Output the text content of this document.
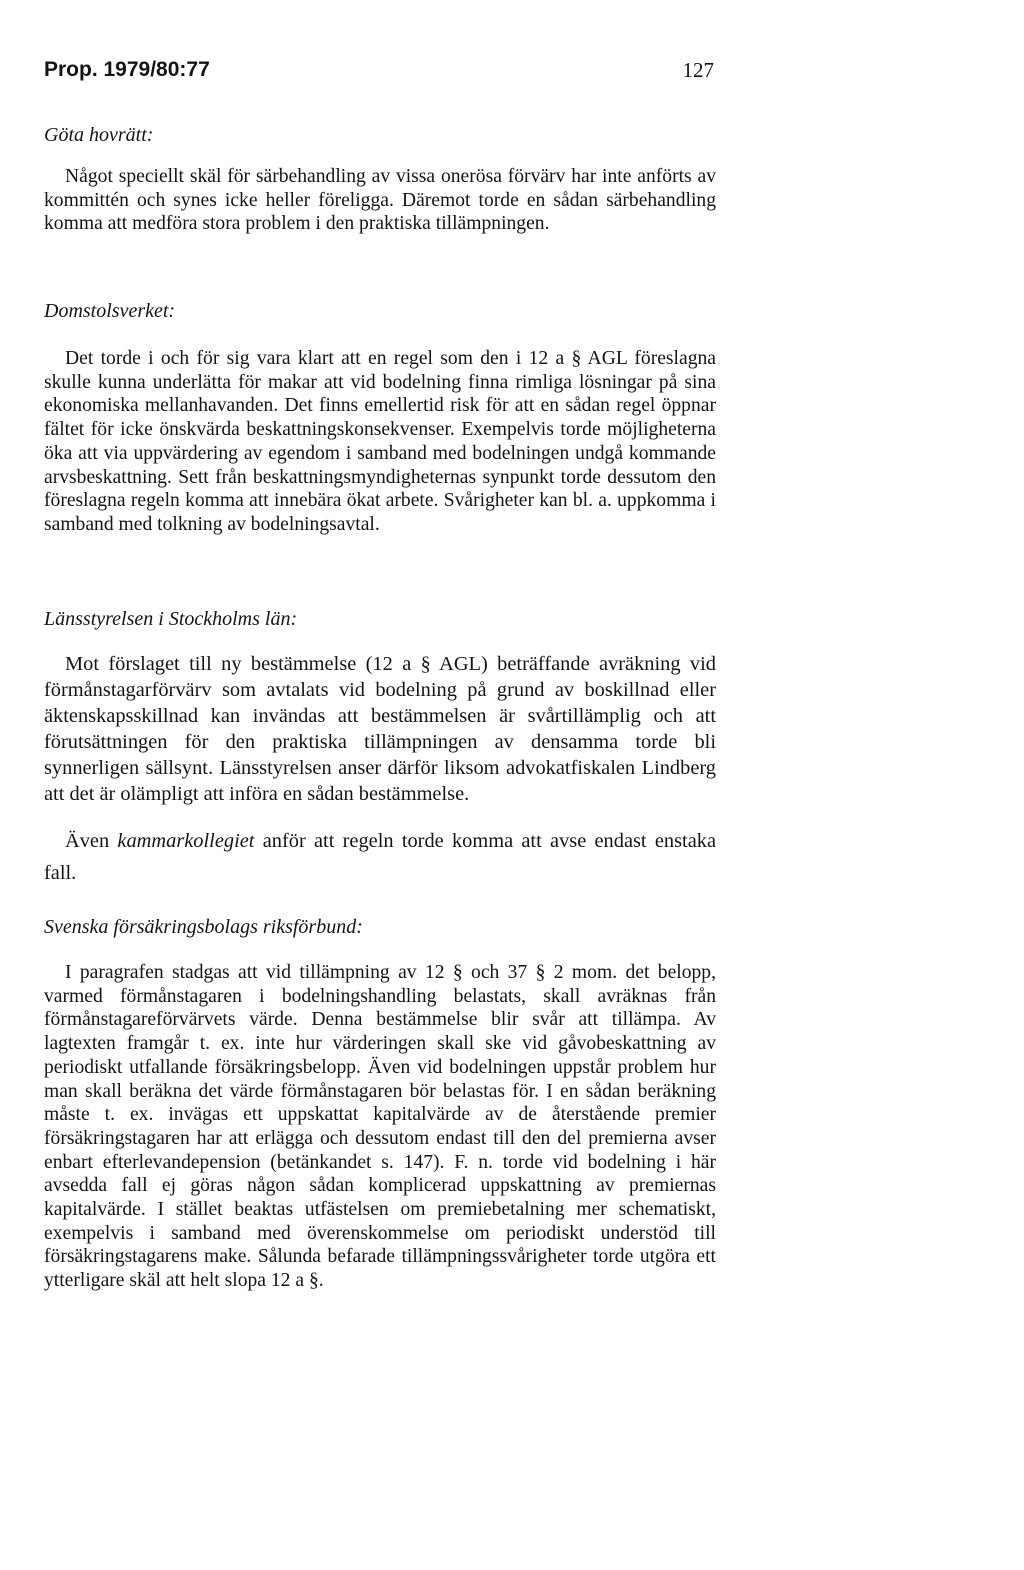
Prop. 1979/80:77	127
Göta hovrätt:

Något speciellt skäl för särbehandling av vissa onerösa förvärv har inte anförts av kommittén och synes icke heller föreligga. Däremot torde en sådan särbehandling komma att medföra stora problem i den praktiska tillämpningen.

Domstolsverket:

Det torde i och för sig vara klart att en regel som den i 12 a § AGL föreslagna skulle kunna underlätta för makar att vid bodelning finna rimliga lösningar på sina ekonomiska mellanhavanden. Det finns emellertid risk för att en sådan regel öppnar fältet för icke önskvärda beskattningskonsekvenser. Exempelvis torde möjligheterna öka att via uppvärdering av egendom i samband med bodelningen undgå kommande arvsbeskattning. Sett från beskattningsmyndigheternas synpunkt torde dessutom den föreslagna regeln komma att innebära ökat arbete. Svårigheter kan bl. a. uppkomma i samband med tolkning av bodelningsavtal.

Länsstyrelsen i Stockholms län:

Mot förslaget till ny bestämmelse (12 a § AGL) beträffande avräkning vid förmånstagarförvärv som avtalats vid bodelning på grund av boskillnad eller äktenskapsskillnad kan invändas att bestämmelsen är svårtillämplig och att förutsättningen för den praktiska tillämpningen av densamma torde bli synnerligen sällsynt. Länsstyrelsen anser därför liksom advokatfiskalen Lindberg att det är olämpligt att införa en sådan bestämmelse.

Även kammarkollegiet anför att regeln torde komma att avse endast enstaka fall.

Svenska försäkringsbolags riksförbund:

I paragrafen stadgas att vid tillämpning av 12 § och 37 § 2 mom. det belopp, varmed förmånstagaren i bodelningshandling belastats, skall avräknas från förmånstagareförvärvets värde. Denna bestämmelse blir svår att tillämpa. Av lagtexten framgår t. ex. inte hur värderingen skall ske vid gåvobeskattning av periodiskt utfallande försäkringsbelopp. Även vid bodelningen uppstår problem hur man skall beräkna det värde förmånstagaren bör belastas för. I en sådan beräkning måste t. ex. invägas ett uppskattat kapitalvärde av de återstående premier försäkringstagaren har att erlägga och dessutom endast till den del premierna avser enbart efterlevandepension (betänkandet s. 147). F. n. torde vid bodelning i här avsedda fall ej göras någon sådan komplicerad uppskattning av premiernas kapitalvärde. I stället beaktas utfästelsen om premiebetalning mer schematiskt, exempelvis i samband med överenskommelse om periodiskt understöd till försäkringstagarens make. Sålunda befarade tillämpningssvårigheter torde utgöra ett ytterligare skäl att helt slopa 12 a §.
